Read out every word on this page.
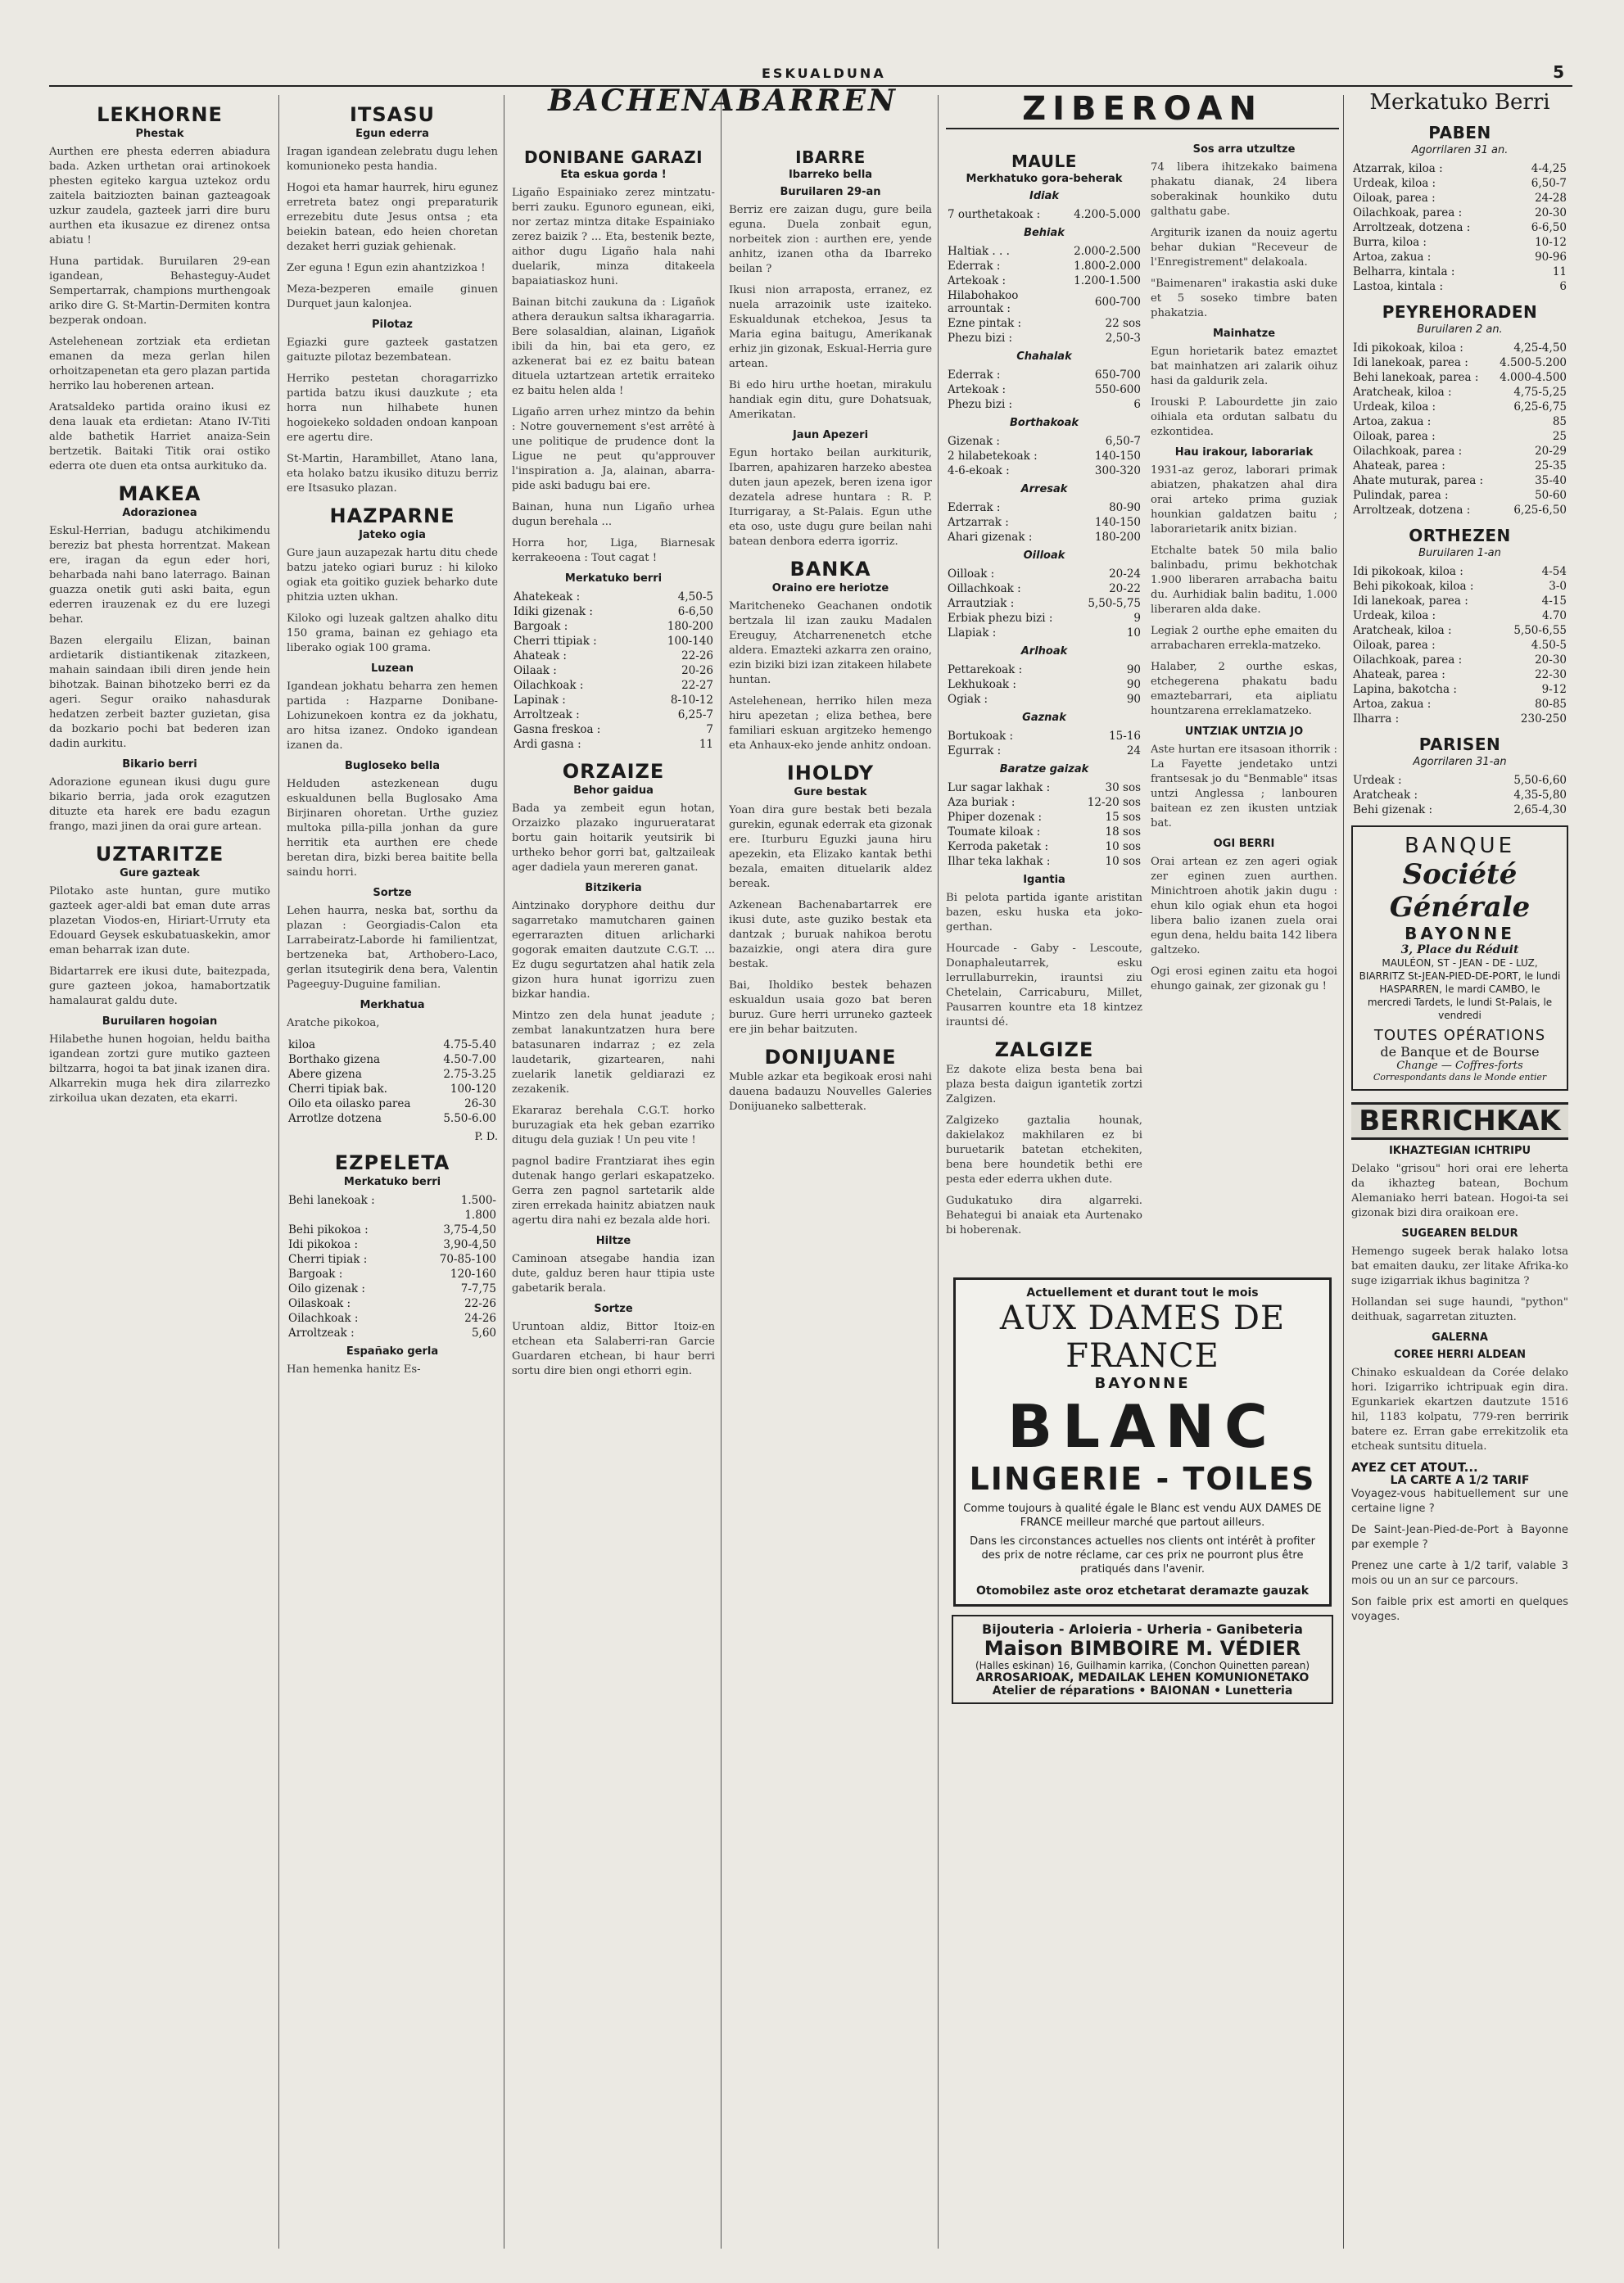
ESKUALDUNA	5
LEKHORNE
Phestak

Aurthen ere phesta ederren abiadura bada. Azken urthetan orai artinokoek phesten egiteko kargua uztekoz ordu zaitela baitziozten bainan gazteagoak uzkur zaudela, gazteek jarri dire buru aurthen eta ikusazue ez direnez ontsa abiatu !

Huna partidak. Buruilaren 29-ean igandean, Behasteguy-Audet Sempertarrak, champions murthengoak ariko dire G. St-Martin-Dermiten kontra bezperak ondoan.

Astelehenean zortziak eta erdietan emanen da meza gerlan hilen orhoitzapenetan eta gero plazan partida herriko lau hoberenen artean.

Aratsaldeko partida oraino ikusi ez dena lauak eta erdietan: Atano IV-Titi alde bathetik Harriet anaiza-Sein bertzetik. Baitaki Titik orai ostiko ederra ote duen eta ontsa aurkituko da.

MAKEA
Adorazionea

Eskul-Herrian, badugu atchikimendu bereziz bat phesta horrentzat. Makean ere, iragan da egun eder hori, beharbada nahi bano laterrago. Bainan guazza onetik guti aski baita, egun ederren irauzenak ez du ere luzegi behar.

Bazen elergailu Elizan, bainan ardietarik distiantikenak zitazkeen, mahain saindaan ibili diren jende hein bihotzak. Bainan bihotzeko berri ez da ageri. Segur oraiko nahasdurak hedatzen zerbeit bazter guzietan, gisa da bozkario pochi bat bederen izan dadin aurkitu.

Bikario berri

Adorazione egunean ikusi dugu gure bikario berria, jada orok ezagutzen dituzte eta harek ere badu ezagun frango, mazi jinen da orai gure artean.

UZTARITZE
Gure gazteak

Pilotako aste huntan, gure mutiko gazteek ager-aldi bat eman dute arras plazetan Viodos-en, Hiriart-Urruty eta Edouard Geysek eskubatuaskekin, amor eman beharrak izan dute.

Bidartarrek ere ikusi dute, baitezpada, gure gazteen jokoa, hamabortzatik hamalaurat galdu dute.

Buruilaren hogoian

Hilabethe hunen hogoian, heldu baitha igandean zortzi gure mutiko gazteen biltzarra, hogoi ta bat jinak izanen dira. Alkarrekin muga hek dira zilarrezko zirkoilua ukan dezaten, eta ekarri.

ITSASU
Egun ederra

Iragan igandean zelebratu dugu lehen komunioneko pesta handia.

Hogoi eta hamar haurrek, hiru egunez erretreta batez ongi preparaturik errezebitu dute Jesus ontsa ; eta beiekin batean, edo heien choretan dezaket herri guziak gehienak.

Zer eguna ! Egun ezin ahantzizkoa !

Meza-bezperen emaile ginuen Durquet jaun kalonjea.

Pilotaz

Egiazki gure gazteek gastatzen gaituzte pilotaz bezembatean.

Herriko pestetan choragarrizko partida batzu ikusi dauzkute ; eta horra nun hilhabete hunen hogoiekeko soldaden ondoan kanpoan ere agertu dire.

St-Martin, Harambillet, Atano lana, eta holako batzu ikusiko dituzu berriz ere Itsasuko plazan.

HAZPARNE
Jateko ogia

Gure jaun auzapezak hartu ditu chede batzu jateko ogiari buruz : hi kiloko ogiak eta goitiko guziek beharko dute phitzia uzten ukhan.

Kiloko ogi luzeak galtzen ahalko ditu 150 grama, bainan ez gehiago eta liberako ogiak 100 grama.

Luzean

Igandean jokhatu beharra zen hemen partida : Hazparne Donibane-Lohizunekoen kontra ez da jokhatu, aro hitsa izanez. Ondoko igandean izanen da.

Bugloseko bella

Helduden astezkenean dugu eskualdunen bella Buglosako Ama Birjinaren ohoretan. Urthe guziez multoka pilla-pilla jonhan da gure herritik eta aurthen ere chede beretan dira, bizki berea baitite bella saindu horri.

Sortze

Lehen haurra, neska bat, sorthu da plazan : Georgiadis-Calon eta Larrabeiratz-Laborde hi familientzat, bertzeneka bat, Arthobero-Laco, gerlan itsutegirik dena bera, Valentin Pageeguy-Duguine familian.

Merkhatua

Aratche pikokoa,

kiloa	4.75-5.40
Borthako gizena	4.50-7.00
Abere gizena	2.75-3.25
Cherri tipiak bak.	100-120
Oilo eta oilasko parea	26-30
Arrotlze dotzena	5.50-6.00
P. D.
EZPELETA
Merkatuko berri
Behi lanekoak :	1.500-
	1.800
Behi pikokoa :	3,75-4,50
Idi pikokoa :	3,90-4,50
Cherri tipiak :	70-85-100
Bargoak :	120-160
Oilo gizenak :	7-7,75
Oilaskoak :	22-26
Oilachkoak :	24-26
Arroltzeak :	5,60
Españako gerla

Han hemenka hanitz Es-

BACHENABARREN
DONIBANE GARAZI
Eta eskua gorda !

Ligaño Espainiako zerez mintzatu-berri zauku. Egunoro egunean, eiki, nor zertaz mintza ditake Espainiako zerez baizik ? ... Eta, bestenik bezte, aithor dugu Ligaño hala nahi duelarik, minza ditakeela bapaiatiaskoz huni.

Bainan bitchi zaukuna da : Ligañok athera deraukun saltsa ikharagarria. Bere solasaldian, alainan, Ligañok ibili da hin, bai eta gero, ez azkenerat bai ez ez baitu batean dituela uztartzean artetik erraiteko ez baitu helen alda !

Ligaño arren urhez mintzo da behin : Notre gouvernement s'est arrêté à une politique de prudence dont la Ligue ne peut qu'approuver l'inspiration a. Ja, alainan, abarra-pide aski badugu bai ere.

Bainan, huna nun Ligaño urhea dugun berehala ...

Horra hor, Liga, Biarnesak kerrakeoena : Tout cagat !

Merkatuko berri
Ahatekeak :	4,50-5
Idiki gizenak :	6-6,50
Bargoak :	180-200
Cherri ttipiak :	100-140
Ahateak :	22-26
Oilaak :	20-26
Oilachkoak :	22-27
Lapinak :	8-10-12
Arroltzeak :	6,25-7
Gasna freskoa :	7
Ardi gasna :	11
ORZAIZE
Behor gaidua

Bada ya zembeit egun hotan, Orzaizko plazako ingurueratarat bortu gain hoitarik yeutsirik bi urtheko behor gorri bat, galtzaileak ager dadiela yaun mereren ganat.

Bitzikeria

Aintzinako doryphore deithu dur sagarretako mamutcharen gainen egerrarazten dituen arlicharki gogorak emaiten dautzute C.G.T. ... Ez dugu segurtatzen ahal hatik zela gizon hura hunat igorrizu zuen bizkar handia.

Mintzo zen dela hunat jeadute ; zembat lanakuntzatzen hura bere batasunaren indarraz ; ez zela laudetarik, gizartearen, nahi zuelarik lanetik geldiarazi ez zezakenik.

Ekararaz berehala C.G.T. horko buruzagiak eta hek geban ezarriko ditugu dela guziak ! Un peu vite !

pagnol badire Frantziarat ihes egin dutenak hango gerlari eskapatzeko. Gerra zen pagnol sartetarik alde ziren errekada hainitz abiatzen nauk agertu dira nahi ez bezala alde hori.

Hiltze

Caminoan atsegabe handia izan dute, galduz beren haur ttipia uste gabetarik berala.

Sortze

Uruntoan aldiz, Bittor Itoiz-en etchean eta Salaberri-ran Garcie Guardaren etchean, bi haur berri sortu dire bien ongi ethorri egin.

IBARRE
Ibarreko bella
Buruilaren 29-an

Berriz ere zaizan dugu, gure beila eguna. Duela zonbait egun, norbeitek zion : aurthen ere, yende anhitz, izanen otha da Ibarreko beilan ?

Ikusi nion arraposta, erranez, ez nuela arrazoinik uste izaiteko. Eskualdunak etchekoa, Jesus ta Maria egina baitugu, Amerikanak erhiz jin gizonak, Eskual-Herria gure artean.

Bi edo hiru urthe hoetan, mirakulu handiak egin ditu, gure Dohatsuak, Amerikatan.

Jaun Apezeri

Egun hortako beilan aurkiturik, Ibarren, apahizaren harzeko abestea duten jaun apezek, beren izena igor dezatela adrese huntara : R. P. Iturrigaray, a St-Palais. Egun uthe eta oso, uste dugu gure beilan nahi batean denbora ederra igorriz.

BANKA
Oraino ere heriotze

Maritcheneko Geachanen ondotik bertzala lil izan zauku Madalen Ereuguy, Atcharrenenetch etche aldera. Emazteki azkarra zen oraino, ezin biziki bizi izan zitakeen hilabete huntan.

Astelehenean, herriko hilen meza hiru apezetan ; eliza bethea, bere familiari eskuan argitzeko hemengo eta Anhaux-eko jende anhitz ondoan.

IHOLDY
Gure bestak

Yoan dira gure bestak beti bezala gurekin, egunak ederrak eta gizonak ere. Iturburu Eguzki jauna hiru apezekin, eta Elizako kantak bethi bezala, emaiten dituelarik aldez bereak.

Azkenean Bachenabartarrek ere ikusi dute, aste guziko bestak eta dantzak ; buruak nahikoa berotu bazaizkie, ongi atera dira gure bestak.

Bai, Iholdiko bestek behazen eskualdun usaia gozo bat beren buruz. Gure herri urruneko gazteek ere jin behar baitzuten.

DONIJUANE

Muble azkar eta begikoak erosi nahi dauena badauzu Nouvelles Galeries Donijuaneko salbetterak.

ZIBEROAN
MAULE
Merkhatuko gora-beherak
Idiak
7 ourthetakoak :	4.200-5.000
Behiak
Haltiak . . .	2.000-2.500
Ederrak :	1.800-2.000
Artekoak :	1.200-1.500
Hilabohakoo arrountak :	600-700
Ezne pintak :	22 sos
Phezu bizi :	2,50-3
Chahalak
Ederrak :	650-700
Artekoak :	550-600
Phezu bizi :	6
Borthakoak
Gizenak :	6,50-7
2 hilabetekoak :	140-150
4-6-ekoak :	300-320
Arresak
Ederrak :	80-90
Artzarrak :	140-150
Ahari gizenak :	180-200
Oilloak
Oilloak :	20-24
Oillachkoak :	20-22
Arrautziak :	5,50-5,75
Erbiak phezu bizi :	9
Llapiak :	10
Arlhoak
Pettarekoak :	90
Lekhukoak :	90
Ogiak :	90
Gaznak
Bortukoak :	15-16
Egurrak :	24
Baratze gaizak
Lur sagar lakhak :	30 sos
Aza buriak :	12-20 sos
Phiper dozenak :	15 sos
Toumate kiloak :	18 sos
Kerroda paketak :	10 sos
Ilhar teka lakhak :	10 sos
Igantia

Bi pelota partida igante aristitan bazen, esku huska eta joko-gerthan.

Hourcade - Gaby - Lescoute, Donaphaleutarrek, esku lerrullaburrekin, irauntsi ziu Chetelain, Carricaburu, Millet, Pausarren kountre eta 18 kintzez irauntsi dé.

ZALGIZE

Ez dakote eliza besta bena bai plaza besta daigun igantetik zortzi Zalgizen.

Zalgizeko gaztalia hounak, dakielakoz makhilaren ez bi buruetarik batetan etchekiten, bena bere houndetik bethi ere pesta eder ederra ukhen dute.

Gudukatuko dira algarreki. Behategui bi anaiak eta Aurtenako bi hoberenak.

Sos arra utzultze

74 libera ihitzekako baimena phakatu dianak, 24 libera soberakinak hounkiko dutu galthatu gabe.

Argiturik izanen da nouiz agertu behar dukian "Receveur de l'Enregistrement" delakoala.

"Baimenaren" irakastia aski duke et 5 soseko timbre baten phakatzia.

Mainhatze

Egun horietarik batez emaztet bat mainhatzen ari zalarik oihuz hasi da galdurik zela.

Irouski P. Labourdette jin zaio oihiala eta ordutan salbatu du ezkontidea.

Hau irakour, laborariak

1931-az geroz, laborari primak abiatzen, phakatzen ahal dira orai arteko prima guziak hounkian galdatzen baitu ; laborarietarik anitx bizian.

Etchalte batek 50 mila balio balinbadu, primu bekhotchak 1.900 liberaren arrabacha baitu du. Aurhidiak balin baditu, 1.000 liberaren alda dake.

Legiak 2 ourthe ephe emaiten du arrabacharen errekla-matzeko.

Halaber, 2 ourthe eskas, etchegerena phakatu badu emaztebarrari, eta aipliatu hountzarena erreklamatzeko.

UNTZIAK UNTZIA JO

Aste hurtan ere itsasoan ithorrik : La Fayette jendetako untzi frantsesak jo du "Benmable" itsas untzi Anglessa ; lanbouren baitean ez zen ikusten untziak bat.

OGI BERRI

Orai artean ez zen ageri ogiak zer eginen zuen aurthen. Minichtroen ahotik jakin dugu : ehun kilo ogiak ehun eta hogoi libera balio izanen zuela orai egun dena, heldu baita 142 libera galtzeko.

Ogi erosi eginen zaitu eta hogoi ehungo gainak, zer gizonak gu !

Actuellement et durant tout le mois
AUX DAMES DE FRANCE
BAYONNE
BLANC
LINGERIE - TOILES
Comme toujours à qualité égale le Blanc est vendu AUX DAMES DE FRANCE meilleur marché que partout ailleurs.
Dans les circonstances actuelles nos clients ont intérêt à profiter des prix de notre réclame, car ces prix ne pourront plus être pratiqués dans l'avenir.
Otomobilez aste oroz etchetarat deramazte gauzak
Bijouteria - Arloieria - Urheria - Ganibeteria
Maison BIMBOIRE M. VÉDIER
(Halles eskinan) 16, Guilhamin karrika, (Conchon Quinetten parean)
ARROSARIOAK, MEDAILAK LEHEN KOMUNIONETAKO
Atelier de réparations • BAIONAN • Lunetteria
Merkatuko Berri
PABEN
Agorrilaren 31 an.
Atzarrak, kiloa :	4-4,25
Urdeak, kiloa :	6,50-7
Oiloak, parea :	24-28
Oilachkoak, parea :	20-30
Arroltzeak, dotzena :	6-6,50
Burra, kiloa :	10-12
Artoa, zakua :	90-96
Belharra, kintala :	11
Lastoa, kintala :	6
PEYREHORADEN
Buruilaren 2 an.
Idi pikokoak, kiloa :	4,25-4,50
Idi lanekoak, parea :	4.500-5.200
Behi lanekoak, parea :	4.000-4.500
Aratcheak, kiloa :	4,75-5,25
Urdeak, kiloa :	6,25-6,75
Artoa, zakua :	85
Oiloak, parea :	25
Oilachkoak, parea :	20-29
Ahateak, parea :	25-35
Ahate muturak, parea :	35-40
Pulindak, parea :	50-60
Arroltzeak, dotzena :	6,25-6,50
ORTHEZEN
Buruilaren 1-an
Idi pikokoak, kiloa :	4-54
Behi pikokoak, kiloa :	3-0
Idi lanekoak, parea :	4-15
Urdeak, kiloa :	4.70
Aratcheak, kiloa :	5,50-6,55
Oiloak, parea :	4.50-5
Oilachkoak, parea :	20-30
Ahateak, parea :	22-30
Lapina, bakotcha :	9-12
Artoa, zakua :	80-85
Ilharra :	230-250
PARISEN
Agorrilaren 31-an
Urdeak :	5,50-6,60
Aratcheak :	4,35-5,80
Behi gizenak :	2,65-4,30
BANQUE
Société Générale
BAYONNE
3, Place du Réduit
MAULÉON, ST - JEAN - DE - LUZ, BIARRITZ St-JEAN-PIED-DE-PORT, le lundi HASPARREN, le mardi CAMBO, le mercredi Tardets, le lundi St-Palais, le vendredi
TOUTES OPÉRATIONS
de Banque et de Bourse
Change — Coffres-forts
Correspondants dans le Monde entier
BERRICHKAK
IKHAZTEGIAN ICHTRIPU

Delako "grisou" hori orai ere leherta da ikhazteg batean, Bochum Alemaniako herri batean. Hogoi-ta sei gizonak bizi dira oraikoan ere.

SUGEAREN BELDUR

Hemengo sugeek berak halako lotsa bat emaiten dauku, zer litake Afrika-ko suge izigarriak ikhus baginitza ?

Hollandan sei suge haundi, "python" deithuak, sagarretan zituzten.

GALERNA
COREE HERRI ALDEAN

Chinako eskualdean da Corée delako hori. Izigarriko ichtripuak egin dira. Egunkariek ekartzen dautzute 1516 hil, 1183 kolpatu, 779-ren berririk batere ez. Erran gabe errekitzolik eta etcheak suntsitu dituela.

AYEZ CET ATOUT...
LA CARTE A 1/2 TARIF

Voyagez-vous habituellement sur une certaine ligne ?

De Saint-Jean-Pied-de-Port à Bayonne par exemple ?

Prenez une carte à 1/2 tarif, valable 3 mois ou un an sur ce parcours.

Son faible prix est amorti en quelques voyages.
